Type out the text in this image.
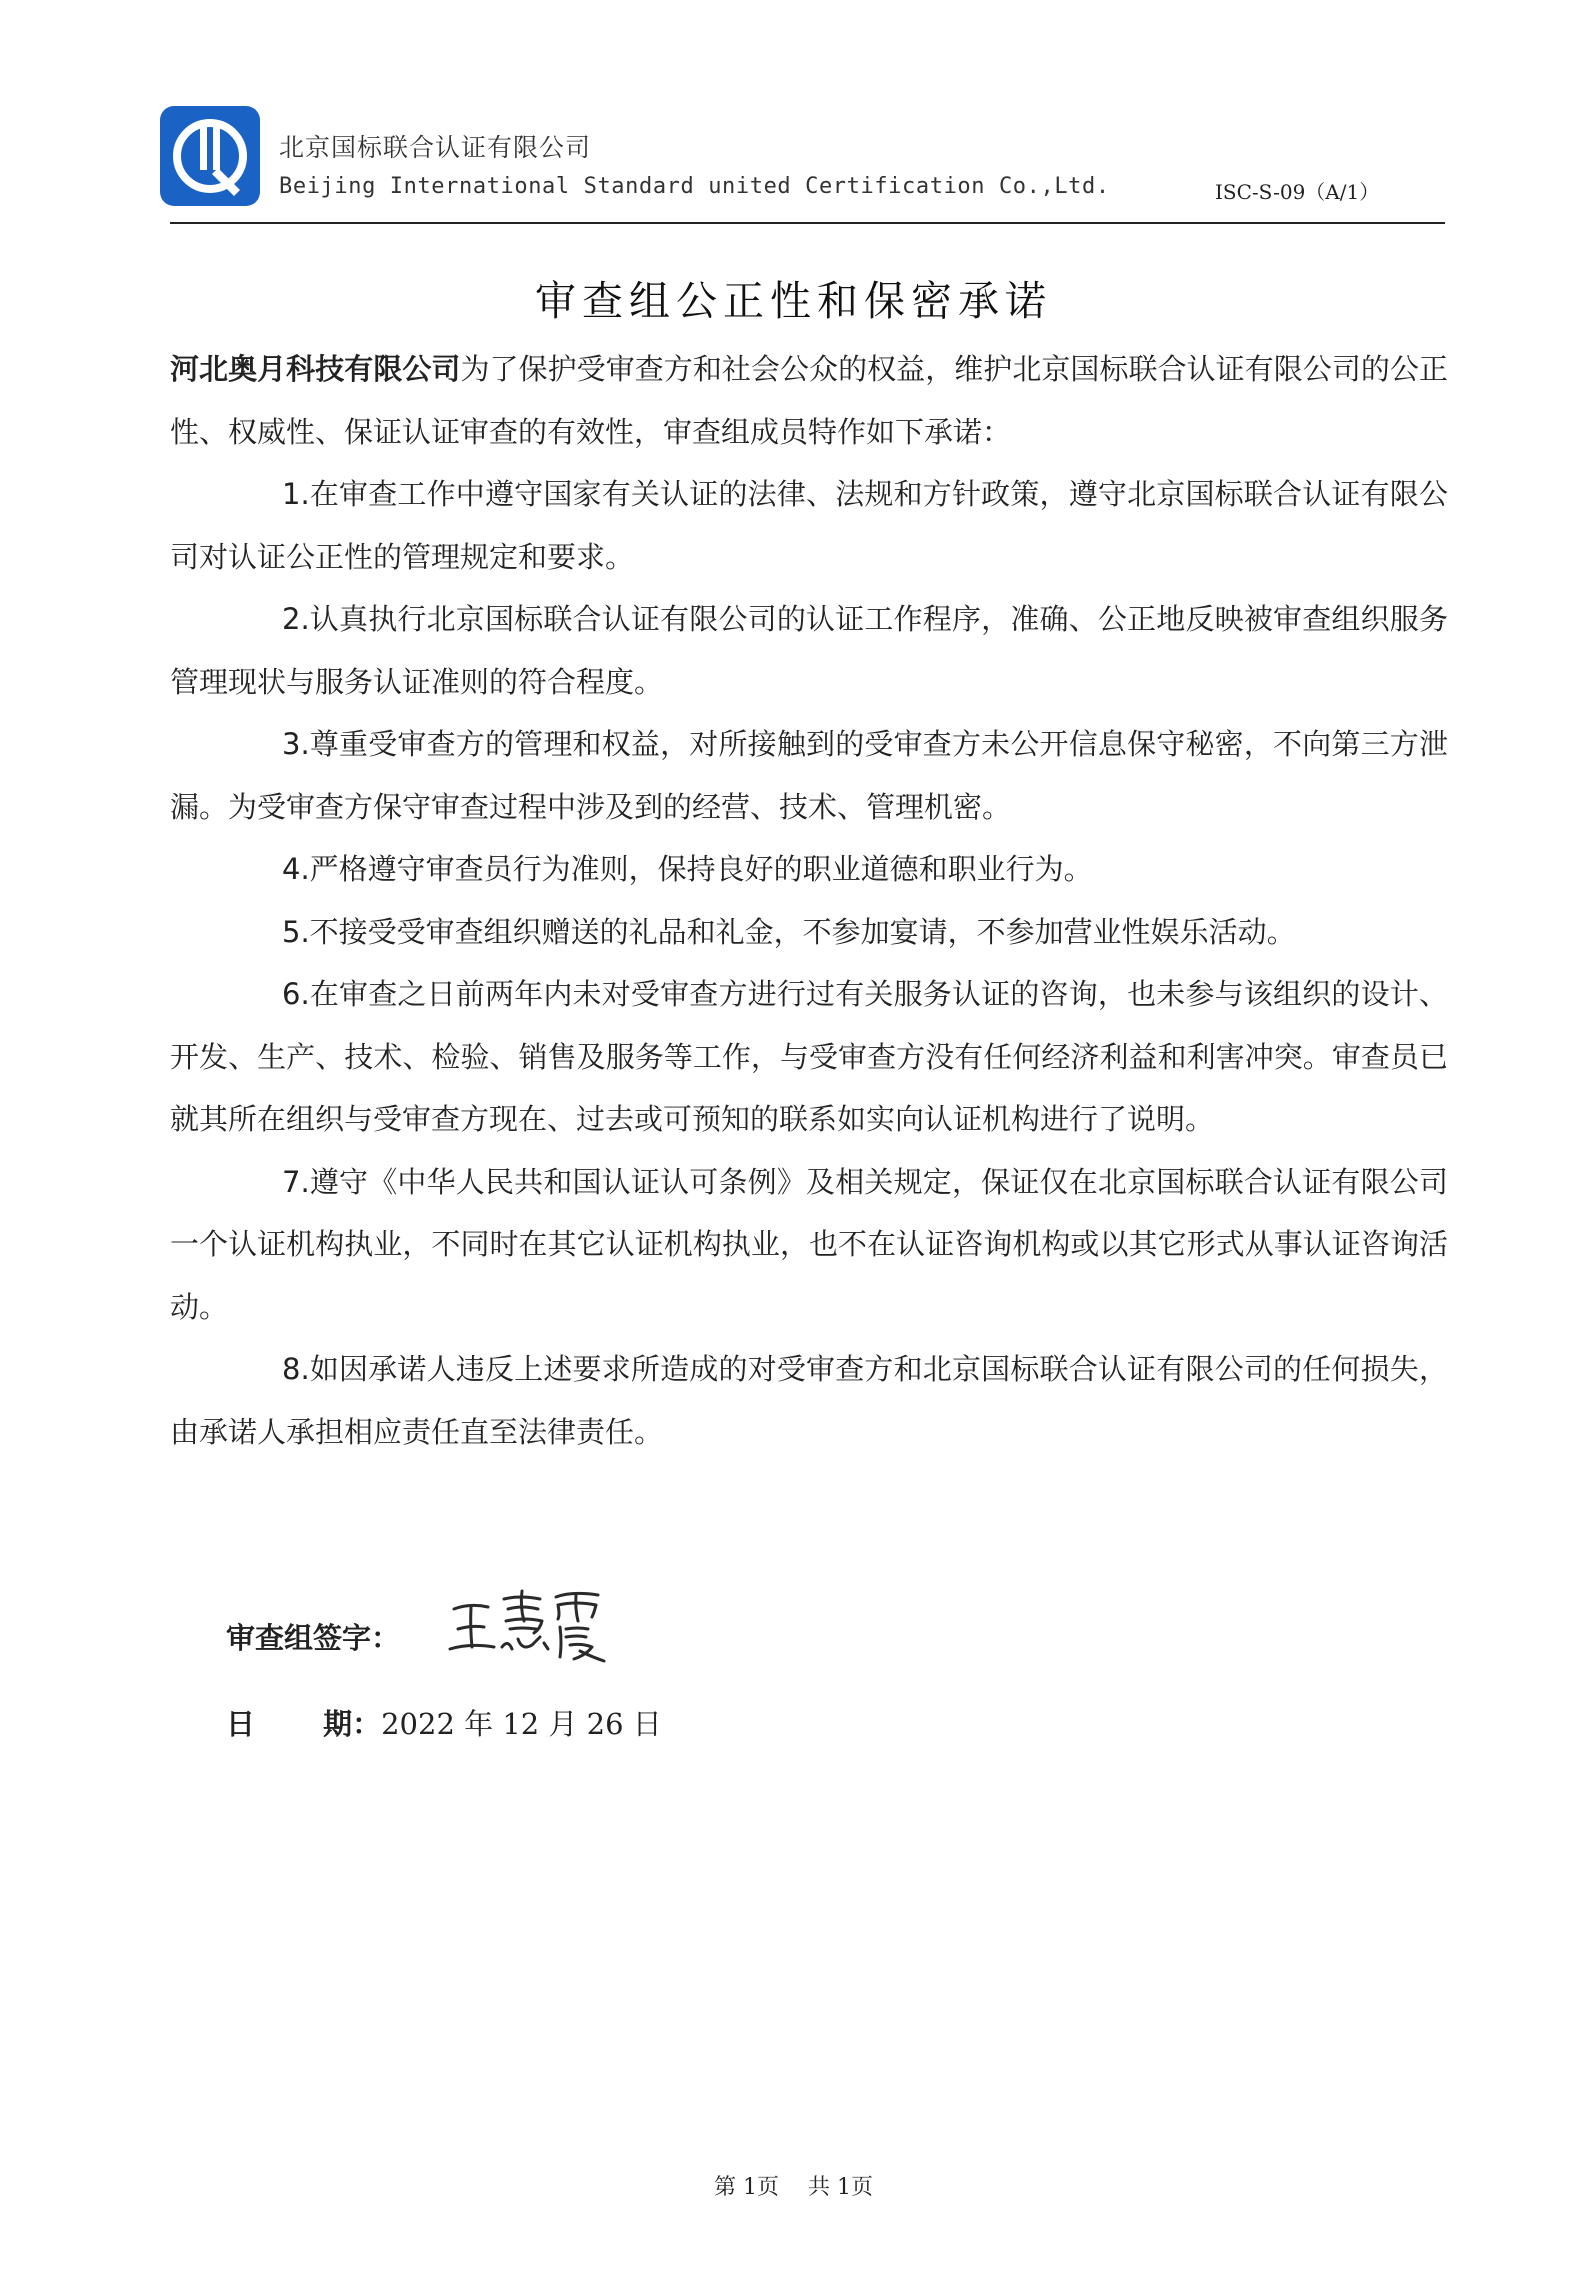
北京国标联合认证有限公司
Beijing International Standard united Certification Co.,Ltd.	ISC-S-09（A/1）
审查组公正性和保密承诺

河北奥月科技有限公司为了保护受审查方和社会公众的权益，维护北京国标联合认证有限公司的公正性、权威性、保证认证审查的有效性，审查组成员特作如下承诺：

1.在审查工作中遵守国家有关认证的法律、法规和方针政策，遵守北京国标联合认证有限公司对认证公正性的管理规定和要求。

2.认真执行北京国标联合认证有限公司的认证工作程序，准确、公正地反映被审查组织服务管理现状与服务认证准则的符合程度。

3.尊重受审查方的管理和权益，对所接触到的受审查方未公开信息保守秘密，不向第三方泄漏。为受审查方保守审查过程中涉及到的经营、技术、管理机密。

4.严格遵守审查员行为准则，保持良好的职业道德和职业行为。

5.不接受受审查组织赠送的礼品和礼金，不参加宴请，不参加营业性娱乐活动。

6.在审查之日前两年内未对受审查方进行过有关服务认证的咨询，也未参与该组织的设计、开发、生产、技术、检验、销售及服务等工作，与受审查方没有任何经济利益和利害冲突。审查员已就其所在组织与受审查方现在、过去或可预知的联系如实向认证机构进行了说明。

7.遵守《中华人民共和国认证认可条例》及相关规定，保证仅在北京国标联合认证有限公司一个认证机构执业，不同时在其它认证机构执业，也不在认证咨询机构或以其它形式从事认证咨询活动。

8.如因承诺人违反上述要求所造成的对受审查方和北京国标联合认证有限公司的任何损失，由承诺人承担相应责任直至法律责任。

审查组签字：
日　　 期：2022 年 12 月 26 日
第 1页　 共 1页
